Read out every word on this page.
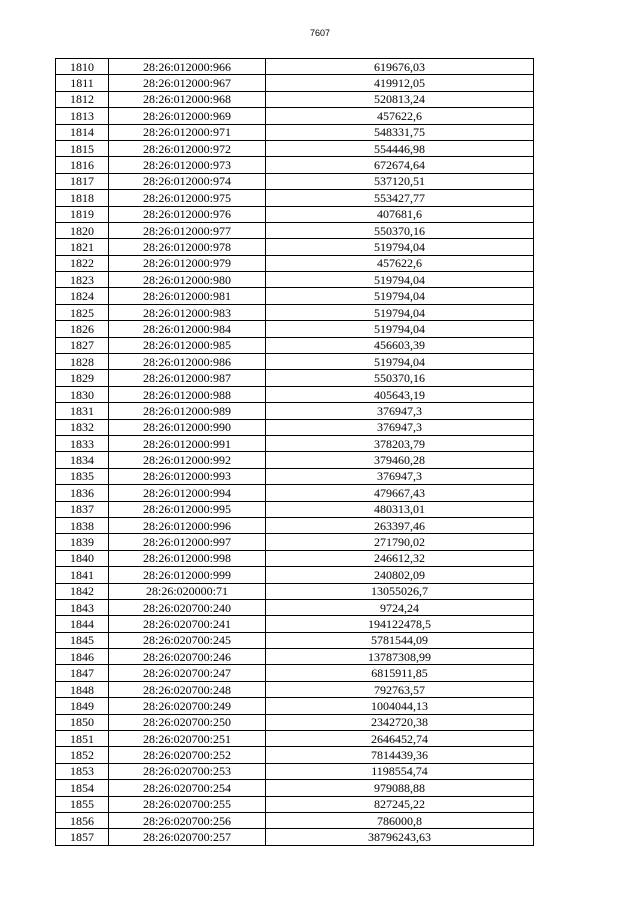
7607
1810	28:26:012000:966	619676,03
1811	28:26:012000:967	419912,05
1812	28:26:012000:968	520813,24
1813	28:26:012000:969	457622,6
1814	28:26:012000:971	548331,75
1815	28:26:012000:972	554446,98
1816	28:26:012000:973	672674,64
1817	28:26:012000:974	537120,51
1818	28:26:012000:975	553427,77
1819	28:26:012000:976	407681,6
1820	28:26:012000:977	550370,16
1821	28:26:012000:978	519794,04
1822	28:26:012000:979	457622,6
1823	28:26:012000:980	519794,04
1824	28:26:012000:981	519794,04
1825	28:26:012000:983	519794,04
1826	28:26:012000:984	519794,04
1827	28:26:012000:985	456603,39
1828	28:26:012000:986	519794,04
1829	28:26:012000:987	550370,16
1830	28:26:012000:988	405643,19
1831	28:26:012000:989	376947,3
1832	28:26:012000:990	376947,3
1833	28:26:012000:991	378203,79
1834	28:26:012000:992	379460,28
1835	28:26:012000:993	376947,3
1836	28:26:012000:994	479667,43
1837	28:26:012000:995	480313,01
1838	28:26:012000:996	263397,46
1839	28:26:012000:997	271790,02
1840	28:26:012000:998	246612,32
1841	28:26:012000:999	240802,09
1842	28:26:020000:71	13055026,7
1843	28:26:020700:240	9724,24
1844	28:26:020700:241	194122478,5
1845	28:26:020700:245	5781544,09
1846	28:26:020700:246	13787308,99
1847	28:26:020700:247	6815911,85
1848	28:26:020700:248	792763,57
1849	28:26:020700:249	1004044,13
1850	28:26:020700:250	2342720,38
1851	28:26:020700:251	2646452,74
1852	28:26:020700:252	7814439,36
1853	28:26:020700:253	1198554,74
1854	28:26:020700:254	979088,88
1855	28:26:020700:255	827245,22
1856	28:26:020700:256	786000,8
1857	28:26:020700:257	38796243,63
